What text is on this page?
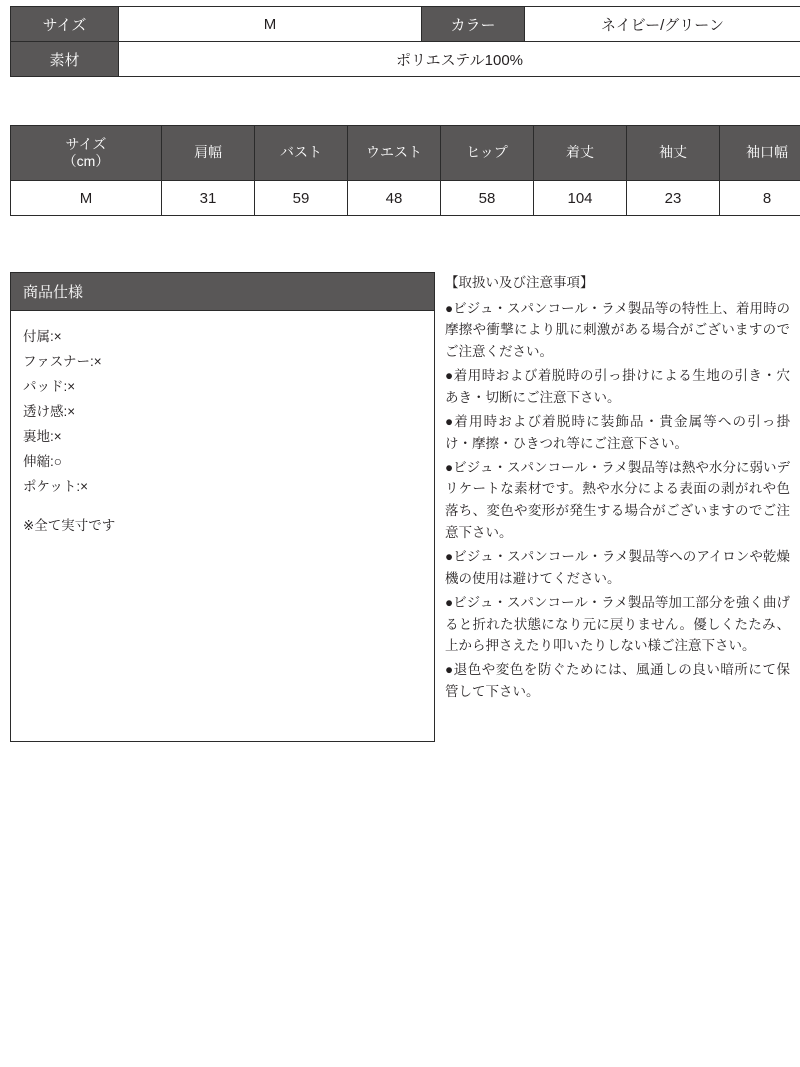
サイズ	M	カラー	ネイビー/グリーン
素材	ポリエステル100%		
サイズ
（cm）	肩幅	バスト	ウエスト	ヒップ	着丈	袖丈	袖口幅
M	31	59	48	58	104	23	8
商品仕様

付属:×

ファスナー:×

パッド:×

透け感:×

裏地:×

伸縮:○

ポケット:×

※全て実寸です

【取扱い及び注意事項】

●ビジュ・スパンコール・ラメ製品等の特性上、着用時の摩擦や衝撃により肌に刺激がある場合がございますのでご注意ください。
●着用時および着脱時の引っ掛けによる生地の引き・穴あき・切断にご注意下さい。
●着用時および着脱時に装飾品・貴金属等への引っ掛け・摩擦・ひきつれ等にご注意下さい。
●ビジュ・スパンコール・ラメ製品等は熱や水分に弱いデリケートな素材です。熱や水分による表面の剥がれや色落ち、変色や変形が発生する場合がございますのでご注意下さい。
●ビジュ・スパンコール・ラメ製品等へのアイロンや乾燥機の使用は避けてください。
●ビジュ・スパンコール・ラメ製品等加工部分を強く曲げると折れた状態になり元に戻りません。優しくたたみ、上から押さえたり叩いたりしない様ご注意下さい。
●退色や変色を防ぐためには、風通しの良い暗所にて保管して下さい。
